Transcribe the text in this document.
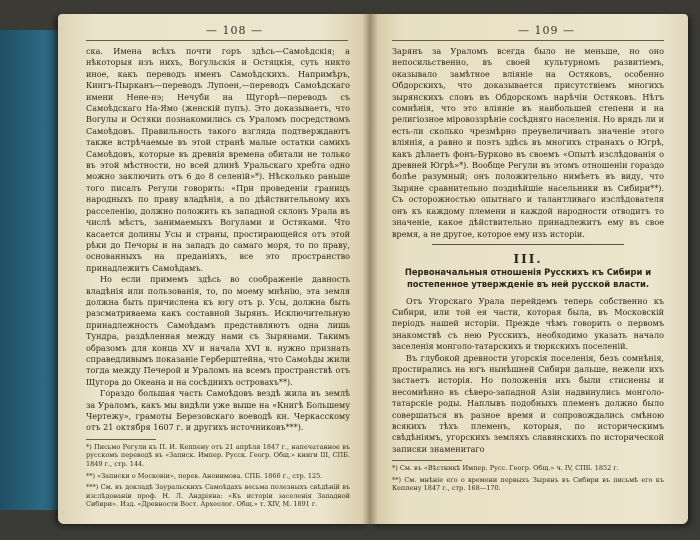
— 108 —

ска. Имена всѣхъ почти горъ здѣсь—Самоѣдскія; а нѣкоторыя изъ нихъ, Вогульскія и Остяцкія, суть никто иное, какъ переводъ именъ Самоѣдскихъ. Напримѣръ, Кингъ-Пырканъ—переводъ Лупоен,—переводъ Самоѣдскаго имени Нене-нэ; Нечуби на Щугорѣ—переводъ съ Самоѣдскаго На-Ямо (женскій пупъ). Это доказываетъ, что Вогулы и Остяки познакомились съ Ураломъ посредствомъ Самоѣдовъ. Правильность такого взгляда подтверждаютъ также встрѣчаемые въ этой странѣ малые остатки самихъ Самоѣдовъ, которые въ древнія времена обитали не только въ этой мѣстности, но всей длинѣ Уральскаго хребта одно можно заключить отъ 6 до 8 селеній»*). Нѣсколько раньше того писалъ Регули говорить: «При проведеніи границъ народныхъ по праву владѣнія, а по дѣйствительному ихъ расселенію, должно положить къ западной склонъ Урала въ числѣ мѣстъ, занимаемыхъ Вогулами и Остяками. Что касается долины Усы и страны, простирающейся отъ этой рѣки до Печоры и на западъ до самаго моря, то по праву, основанныхъ на преданіяхъ, все это пространство принадлежитъ Самоѣдамъ.

Но если примемъ здѣсь во соображеніе давность владѣнія или пользованія, то, по моему мнѣнію, эта земля должна быть причислена къ югу отъ р. Усы, должна быть разсматриваема какъ составной Зырянъ. Исключительную принадлежность Самоѣдамъ представляютъ одна лишь Тундра, раздѣленная между нами съ Зырянами. Такимъ образомъ для конца XV и начала XVI в. нужно признать справедливымъ показаніе Герберштейна, что Самоѣды жили тогда между Печерой и Ураломъ на всемъ пространствѣ отъ Щугора до Океана и на сосѣднихъ островахъ**).

Гораздо большая часть Самоѣдовъ вездѣ жила въ землѣ за Ураломъ, какъ мы видѣли уже выше на «Книгѣ Большему Чертежу», грамоты Березовскаго воеводѣ кн. Черкасскому отъ 21 октября 1607 г. и другихъ источниковъ***).

*) Письмо Регули къ П. И. Кеппену отъ 21 апрѣля 1847 г., напечатанное въ русскомъ переводѣ въ «Записк. Импер. Русск. Геогр. Общ.» книги III, СПБ. 1849 г., стр. 144.
**) «Записки о Московіи», перев. Анонимова. СПБ. 1866 г., стр. 125.
***) См. въ докладѣ Зауральскихъ Самоѣдахъ весьма полезныхъ свѣдѣній въ изслѣдованіи проф. Н. Л. Андріяна: «Къ исторіи заселенія Западной Сибири». Изд. «Древности Вост. Археолог. Общ.» т. XIV, М. 1891 г.
— 109 —

Зарянъ за Ураломъ всегда было не меньше, но оно непосильственно, въ своей культурномъ развитіемъ, оказывало замѣтное вліяніе на Остяковъ, особенно Обдорскихъ, что доказывается присутствіемъ многихъ зырянскихъ словъ въ Обдорскомъ нарѣчіи Остяковъ. Нѣтъ сомнѣнія, что это вліяніе въ наибольшей степени и на религіозное міровоззрѣніе сосѣдняго населенія. Но врядъ ли и есть-ли сколько чрезмѣрно преувеличивать значеніе этого вліянія, а равно и поэтъ здѣсь въ многихъ странахъ о Югрѣ, какъ дѣлаетъ фонъ-Бурково въ своемъ «Опытѣ изслѣдованія о древней Югрѣ»*). Вообще Регули въ этомъ отношеніи гораздо болѣе разумный; онъ положительно нимѣетъ въ виду, что Зыряне сравнительно позднѣйшіе насельники въ Сибири**). Съ осторожностью опытнаго и талантливаго изслѣдователя онъ къ каждому племени и каждой народности отводитъ то значеніе, какое дѣйствительно принадлежитъ ему въ свое время, а не другое, которое ему изъ исторіи.

III.
Первоначальныя отношенія Русскихъ къ Сибири и постепенное утвержденіе въ ней русской власти.

Отъ Угорскаго Урала перейдемъ теперь собственно къ Сибири, или той ея части, которая была, въ Московскій періодъ нашей исторіи. Прежде чѣмъ говорить о первомъ знакомствѣ съ нею Русскихъ, необходимо указать начало заселенія монголо-татарскихъ и тюркскихъ поселеній.

Въ глубокой древности угорскія поселенія, безъ сомнѣнія, простирались на югъ нынѣшней Сибири дальше, нежели ихъ застаетъ исторія. Но положенія ихъ были стиснены и несомнѣнно въ сѣверо-западной Азіи надвинулись монголо-татарскіе роды. Наплывъ подобныхъ племенъ должно было совершаться въ разное время и сопровождались смѣною всякихъ тѣхъ племенъ, которыя, по историческимъ свѣдѣніямъ, угорскихъ земляхъ славянскихъ по исторической записки знаменитаго

*) См. въ «Вѣстникѣ Импер. Русс. Геогр. Общ.» ч. IV, СПБ. 1852 г.
**) См. мнѣніе его о времени первыхъ Зырянъ въ Сибири въ письмѣ его къ Кеппену 1847 г., стр. 168—170.
